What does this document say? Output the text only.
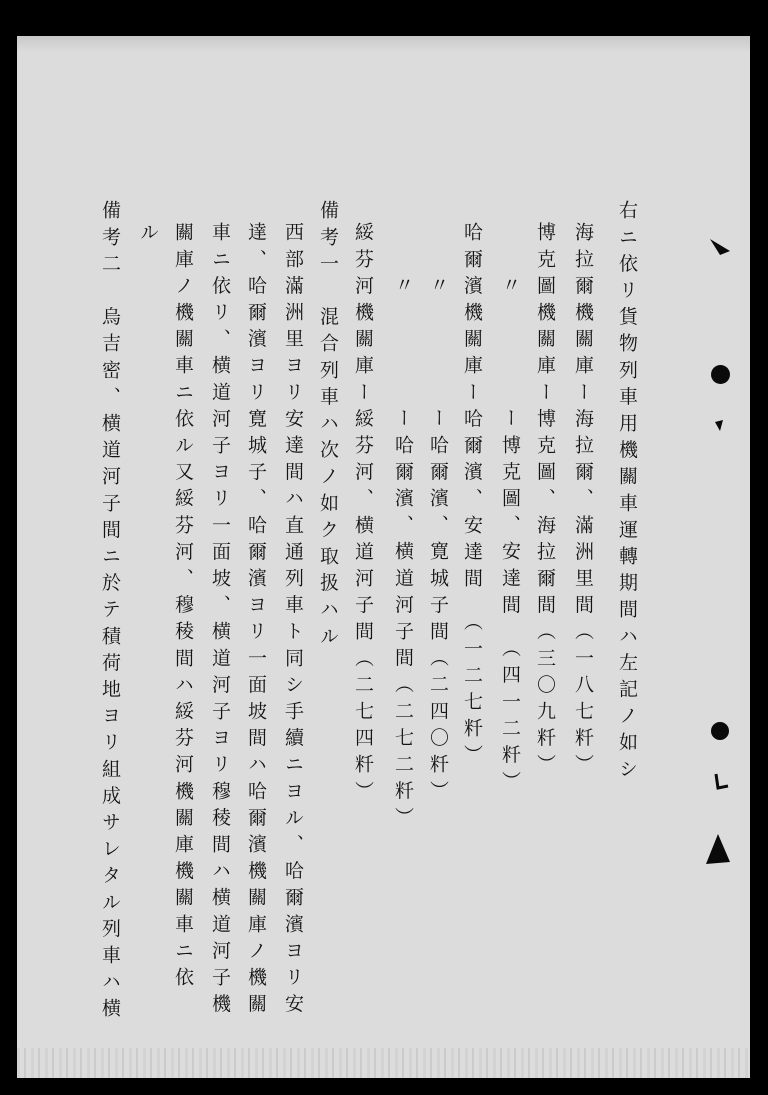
右ニ依リ貨物列車用機關車運轉期間ハ左記ノ如シ
海拉爾機關庫ー海拉爾、滿洲里間（一八七粁）
博克圖機關庫ー博克圖、海拉爾間（三〇九粁）
〃　　　　ー博克圖、安達間　（四一二粁）
哈爾濱機關庫ー哈爾濱、安達間　（一二七粁）
〃　　　　ー哈爾濱、寛城子間（二四〇粁）
〃　　　　ー哈爾濱、横道河子間（二七二粁）
綏芬河機關庫ー綏芬河、横道河子間（二七四粁）
備考一　混合列車ハ次ノ如ク取扱ハル
西部滿洲里ヨリ安達間ハ直通列車ト同シ手續ニヨル、哈爾濱ヨリ安
達、哈爾濱ヨリ寛城子、哈爾濱ヨリ一面坡間ハ哈爾濱機關庫ノ機關
車ニ依リ、横道河子ヨリ一面坡、横道河子ヨリ穆稜間ハ横道河子機
關庫ノ機關車ニ依ル又綏芬河、穆稜間ハ綏芬河機關庫機關車ニ依
ル
備考二　烏吉密、横道河子間ニ於テ積荷地ヨリ組成サレタル列車ハ横
